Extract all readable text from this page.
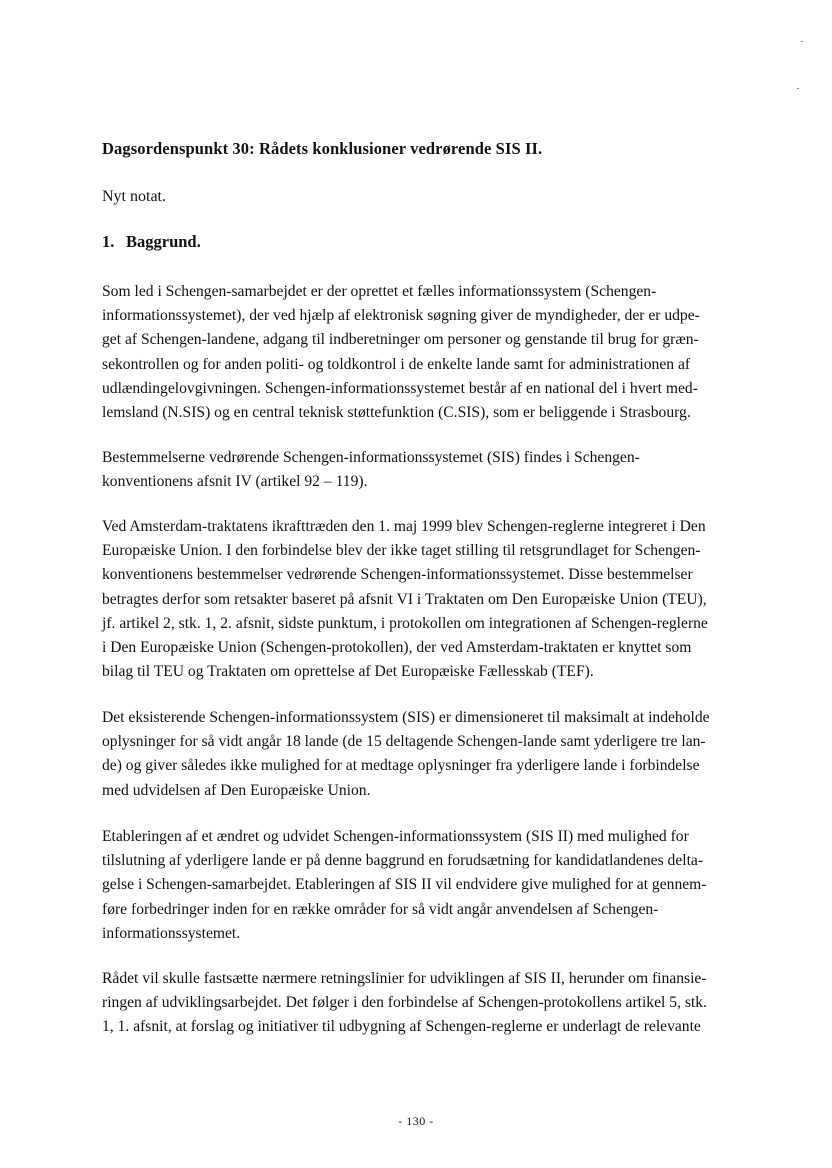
Dagsordenspunkt 30: Rådets konklusioner vedrørende SIS II.
Nyt notat.
1. Baggrund.
Som led i Schengen-samarbejdet er der oprettet et fælles informationssystem (Schengen-
informationssystemet), der ved hjælp af elektronisk søgning giver de myndigheder, der er udpe-
get af Schengen-landene, adgang til indberetninger om personer og genstande til brug for græn-
sekontrollen og for anden politi- og toldkontrol i de enkelte lande samt for administrationen af
udlændingelovgivningen. Schengen-informationssystemet består af en national del i hvert med-
lemsland (N.SIS) og en central teknisk støttefunktion (C.SIS), som er beliggende i Strasbourg.
Bestemmelserne vedrørende Schengen-informationssystemet (SIS) findes i Schengen-
konventionens afsnit IV (artikel 92 – 119).
Ved Amsterdam-traktatens ikrafttræden den 1. maj 1999 blev Schengen-reglerne integreret i Den
Europæiske Union. I den forbindelse blev der ikke taget stilling til retsgrundlaget for Schengen-
konventionens bestemmelser vedrørende Schengen-informationssystemet. Disse bestemmelser
betragtes derfor som retsakter baseret på afsnit VI i Traktaten om Den Europæiske Union (TEU),
jf. artikel 2, stk. 1, 2. afsnit, sidste punktum, i protokollen om integrationen af Schengen-reglerne
i Den Europæiske Union (Schengen-protokollen), der ved Amsterdam-traktaten er knyttet som
bilag til TEU og Traktaten om oprettelse af Det Europæiske Fællesskab (TEF).
Det eksisterende Schengen-informationssystem (SIS) er dimensioneret til maksimalt at indeholde
oplysninger for så vidt angår 18 lande (de 15 deltagende Schengen-lande samt yderligere tre lan-
de) og giver således ikke mulighed for at medtage oplysninger fra yderligere lande i forbindelse
med udvidelsen af Den Europæiske Union.
Etableringen af et ændret og udvidet Schengen-informationssystem (SIS II) med mulighed for
tilslutning af yderligere lande er på denne baggrund en forudsætning for kandidatlandenes delta-
gelse i Schengen-samarbejdet. Etableringen af SIS II vil endvidere give mulighed for at gennem-
føre forbedringer inden for en række områder for så vidt angår anvendelsen af Schengen-
informationssystemet.
Rådet vil skulle fastsætte nærmere retningslinier for udviklingen af SIS II, herunder om finansie-
ringen af udviklingsarbejdet. Det følger i den forbindelse af Schengen-protokollens artikel 5, stk.
1, 1. afsnit, at forslag og initiativer til udbygning af Schengen-reglerne er underlagt de relevante
- 130 -
